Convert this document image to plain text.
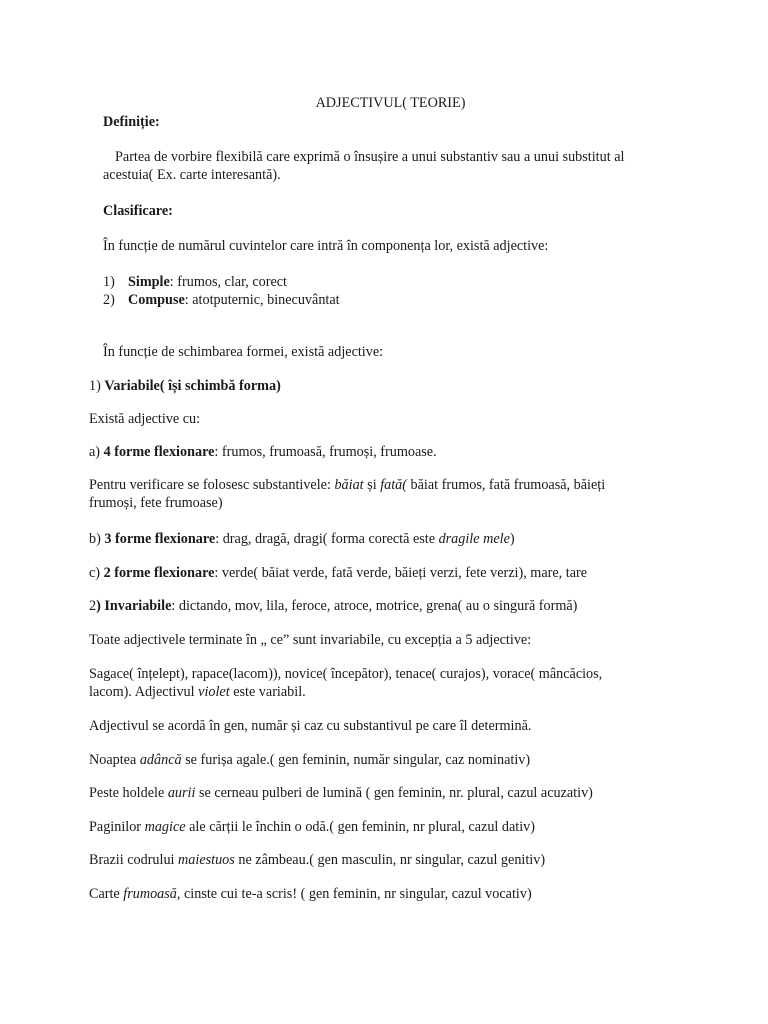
ADJECTIVUL( TEORIE)

Definiție:

Partea de vorbire flexibilă care exprimă o însușire a unui substantiv sau a unui substitut al

acestuia( Ex. carte interesantă).

Clasificare:

În funcție de numărul cuvintelor care intră în componența lor, există adjective:

1) Simple: frumos, clar, corect

2) Compuse: atotputernic, binecuvântat

În funcție de schimbarea formei, există adjective:

1) Variabile( își schimbă forma)

Există adjective cu:

a) 4 forme flexionare: frumos, frumoasă, frumoși, frumoase.

Pentru verificare se folosesc substantivele: băiat și fată( băiat frumos, fată frumoasă, băieți

frumoși, fete frumoase)

b) 3 forme flexionare: drag, dragă, dragi( forma corectă este dragile mele)

c) 2 forme flexionare: verde( băiat verde, fată verde, băieți verzi, fete verzi), mare, tare

2) Invariabile: dictando, mov, lila, feroce, atroce, motrice, grena( au o singură formă)

Toate adjectivele terminate în „ ce” sunt invariabile, cu excepția a 5 adjective:

Sagace( înțelept), rapace(lacom)), novice( începător), tenace( curajos), vorace( mâncăcios,

lacom). Adjectivul violet este variabil.

Adjectivul se acordă în gen, număr și caz cu substantivul pe care îl determină.

Noaptea adâncă se furișa agale.( gen feminin, număr singular, caz nominativ)

Peste holdele aurii se cerneau pulberi de lumină ( gen feminin, nr. plural, cazul acuzativ)

Paginilor magice ale cărții le închin o odă.( gen feminin, nr plural, cazul dativ)

Brazii codrului maiestuos ne zâmbeau.( gen masculin, nr singular, cazul genitiv)

Carte frumoasă, cinste cui te-a scris! ( gen feminin, nr singular, cazul vocativ)
